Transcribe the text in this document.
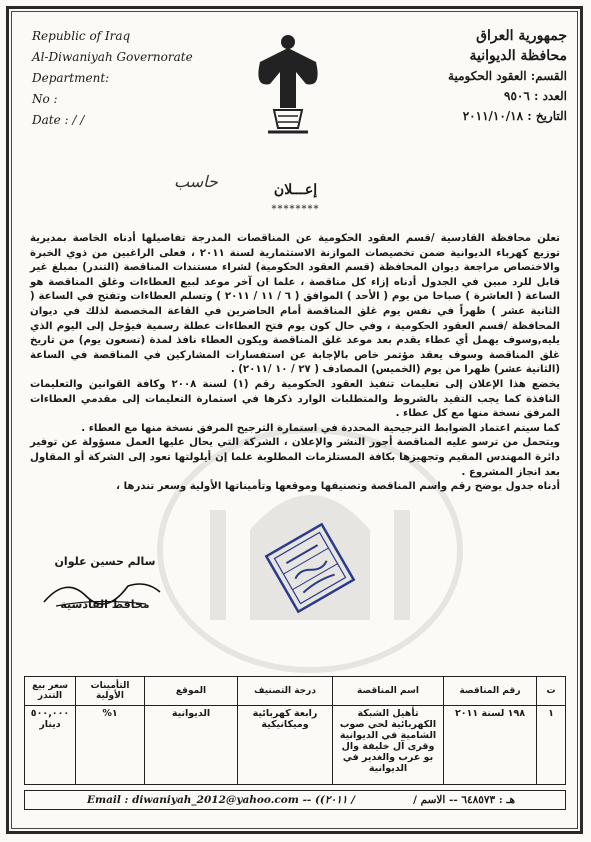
Republic of Iraq
Al-Diwaniyah Governorate
Department:
No :
Date : / /
جمهورية العراق
محافظة الديوانية
القسم: العقود الحكومية
العدد : ٩٥٠٦
التاريخ : ٢٠١١/١٠/١٨
حاسب	إعـــلان
********

تعلن محافظة القادسية /قسم العقود الحكومية عن المناقصات المدرجة تفاصيلها أدناه الخاصة بمديرية توزيع كهرباء الديوانية ضمن تخصيصات الموازنة الاستثمارية لسنة ٢٠١١ ، فعلى الراغبين من ذوي الخبرة والاختصاص مراجعة ديوان المحافظة (قسم العقود الحكومية) لشراء مستندات المناقصة (التندر) بمبلغ غير قابل للرد مبين في الجدول أدناه إزاء كل مناقصة ، علما ان آخر موعد لبيع العطاءات وغلق المناقصة هو الساعة ( العاشرة ) صباحا من يوم ( الأحد ) الموافق ( ٦ / ١١ / ٢٠١١ ) وتسلم العطاءات وتفتح في الساعة ( الثانية عشر ) ظهراً في نفس يوم غلق المناقصة أمام الحاضرين في القاعة المخصصة لذلك في ديوان المحافظة /قسم العقود الحكومية ، وفي حال كون يوم فتح العطاءات عطلة رسمية فيؤجل إلى اليوم الذي يليه,وسوف يهمل أي عطاء يقدم بعد موعد غلق المناقصة ويكون العطاء نافذ لمدة (تسعون يوم) من تاريخ غلق المناقصة وسوف يعقد مؤتمر خاص بالإجابة عن استفسارات المشاركين في المناقصة في الساعة (الثانية عشر) ظهرا من يوم (الخميس) المصادف ( ٢٧ / ١٠ /٢٠١١) .

يخضع هذا الإعلان إلى تعليمات تنفيذ العقود الحكومية رقم (١) لسنة ٢٠٠٨ وكافة القوانين والتعليمات النافذة كما يجب التقيد بالشروط والمتطلبات الوارد ذكرها في استمارة التعليمات إلى مقدمي العطاءات المرفق نسخة منها مع كل عطاء .

كما سيتم اعتماد الضوابط الترجيحية المحددة في استمارة الترجيح المرفق نسخة منها مع العطاء .

ويتحمل من ترسو عليه المناقصة أجور النشر والإعلان ، الشركة التي يحال عليها العمل مسؤولة عن توفير دائرة المهندس المقيم وتجهيزها بكافة المستلزمات المطلوبة علما إن أيلولتها تعود إلى الشركة أو المقاول بعد انجاز المشروع .

أدناه جدول يوضح رقم واسم المناقصة وتصنيفها وموقعها وتأميناتها الأولية وسعر تندرها ،

سالم حسين علوان
محافظ القادسية
ت	رقم المناقصة	اسم المناقصة	درجة التصنيف	الموقع	التأمينات الأولية	سعر بيع التندر
١	١٩٨ لسنة ٢٠١١	تأهيل الشبكة الكهربائية لحي صوب الشامية في الديوانية وقرى آل خليفة وال بو عرب والغدير في الديوانية	رابعة كهربائية وميكانيكية	الديوانية	١%	٥٠٠,٠٠٠ دينار
Email : diwaniyah_2012@yahoo.com -- ((٢٠١١ /	هـ : ٦٤٨٥٧٣ -- الاسم /
